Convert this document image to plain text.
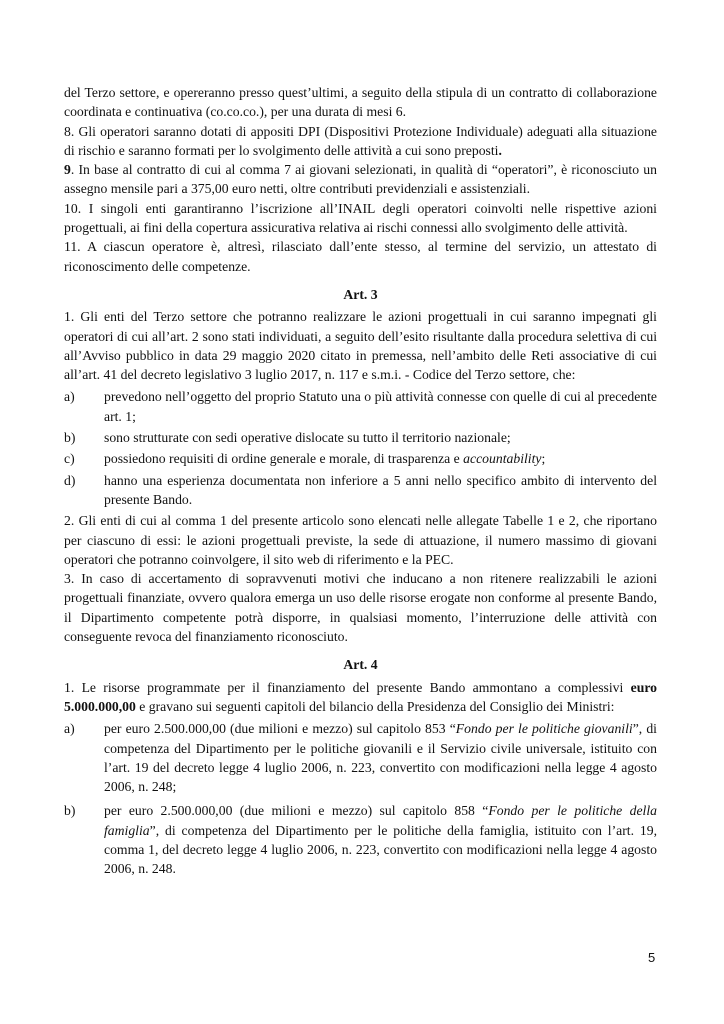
del Terzo settore, e opereranno presso quest’ultimi, a seguito della stipula di un contratto di collaborazione coordinata e continuativa (co.co.co.), per una durata di mesi 6.

8. Gli operatori saranno dotati di appositi DPI (Dispositivi Protezione Individuale) adeguati alla situazione di rischio e saranno formati per lo svolgimento delle attività a cui sono preposti.

9. In base al contratto di cui al comma 7 ai giovani selezionati, in qualità di “operatori”, è riconosciuto un assegno mensile pari a 375,00 euro netti, oltre contributi previdenziali e assistenziali.

10. I singoli enti garantiranno l’iscrizione all’INAIL degli operatori coinvolti nelle rispettive azioni progettuali, ai fini della copertura assicurativa relativa ai rischi connessi allo svolgimento delle attività.

11. A ciascun operatore è, altresì, rilasciato dall’ente stesso, al termine del servizio, un attestato di riconoscimento delle competenze.

Art. 3

1. Gli enti del Terzo settore che potranno realizzare le azioni progettuali in cui saranno impegnati gli operatori di cui all’art. 2 sono stati individuati, a seguito dell’esito risultante dalla procedura selettiva di cui all’Avviso pubblico in data 29 maggio 2020 citato in premessa, nell’ambito delle Reti associative di cui all’art. 41 del decreto legislativo 3 luglio 2017, n. 117 e s.m.i. - Codice del Terzo settore, che:

a)	prevedono nell’oggetto del proprio Statuto una o più attività connesse con quelle di cui al precedente art. 1;
b)	sono strutturate con sedi operative dislocate su tutto il territorio nazionale;
c)	possiedono requisiti di ordine generale e morale, di trasparenza e accountability;
d)	hanno una esperienza documentata non inferiore a 5 anni nello specifico ambito di intervento del presente Bando.

2. Gli enti di cui al comma 1 del presente articolo sono elencati nelle allegate Tabelle 1 e 2, che riportano per ciascuno di essi: le azioni progettuali previste, la sede di attuazione, il numero massimo di giovani operatori che potranno coinvolgere, il sito web di riferimento e la PEC.

3. In caso di accertamento di sopravvenuti motivi che inducano a non ritenere realizzabili le azioni progettuali finanziate, ovvero qualora emerga un uso delle risorse erogate non conforme al presente Bando, il Dipartimento competente potrà disporre, in qualsiasi momento, l’interruzione delle attività con conseguente revoca del finanziamento riconosciuto.

Art. 4

1. Le risorse programmate per il finanziamento del presente Bando ammontano a complessivi euro 5.000.000,00 e gravano sui seguenti capitoli del bilancio della Presidenza del Consiglio dei Ministri:

a)	per euro 2.500.000,00 (due milioni e mezzo) sul capitolo 853 “Fondo per le politiche giovanili”, di competenza del Dipartimento per le politiche giovanili e il Servizio civile universale, istituito con l’art. 19 del decreto legge 4 luglio 2006, n. 223, convertito con modificazioni nella legge 4 agosto 2006, n. 248;
b)	per euro 2.500.000,00 (due milioni e mezzo) sul capitolo 858 “Fondo per le politiche della famiglia”, di competenza del Dipartimento per le politiche della famiglia, istituito con l’art. 19, comma 1, del decreto legge 4 luglio 2006, n. 223, convertito con modificazioni nella legge 4 agosto 2006, n. 248.
5
